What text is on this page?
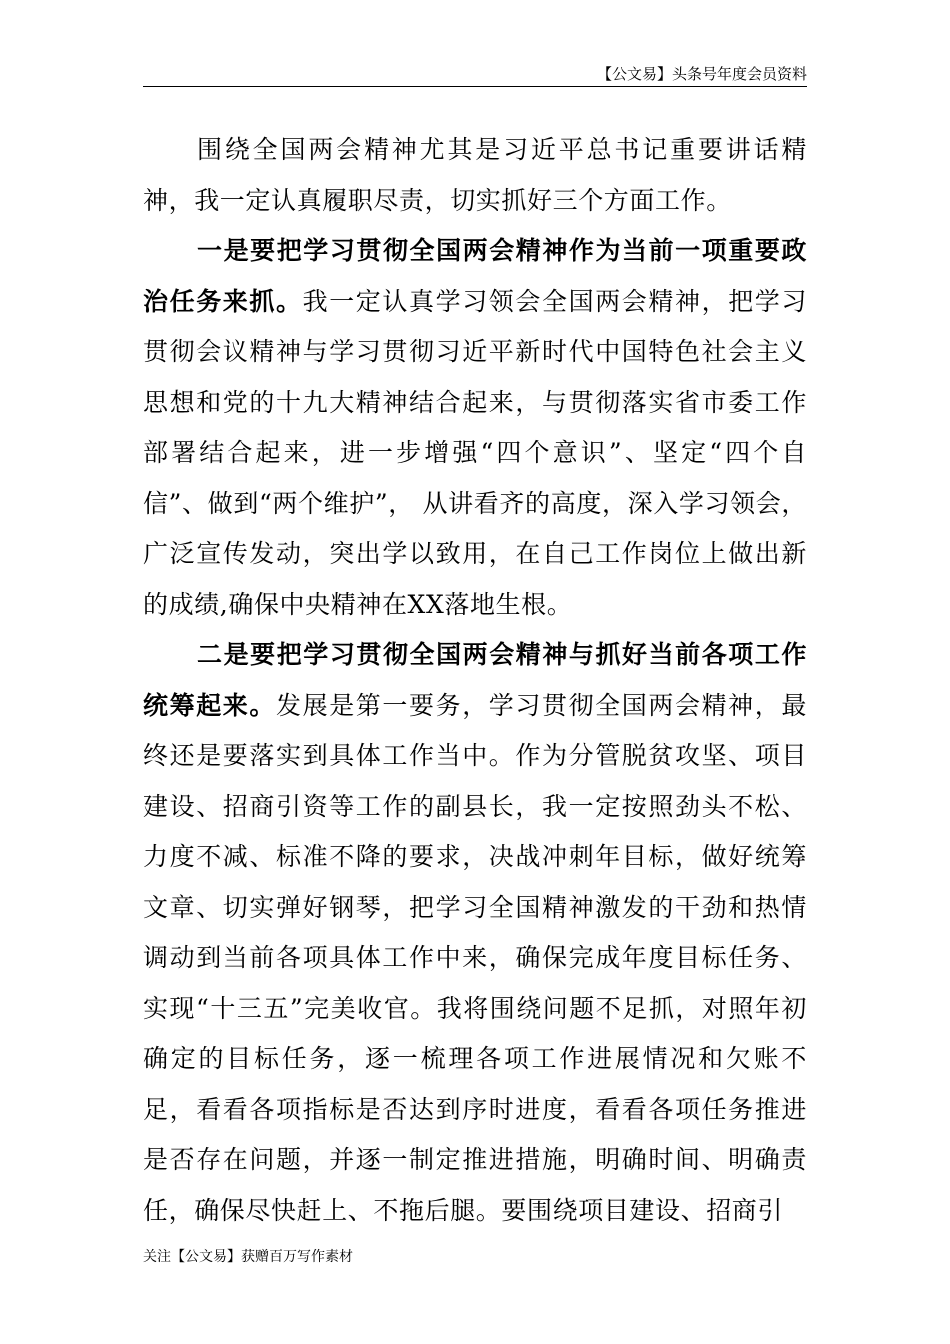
【公文易】头条号年度会员资料

围绕全国两会精神尤其是习近平总书记重要讲话精神，我一定认真履职尽责，切实抓好三个方面工作。

一是要把学习贯彻全国两会精神作为当前一项重要政治任务来抓。我一定认真学习领会全国两会精神，把学习贯彻会议精神与学习贯彻习近平新时代中国特色社会主义思想和党的十九大精神结合起来，与贯彻落实省市委工作部署结合起来，进一步增强“四个意识”、坚定“四个自信”、做到“两个维护”， 从讲看齐的高度，深入学习领会，广泛宣传发动，突出学以致用，在自己工作岗位上做出新的成绩,确保中央精神在XX落地生根。

二是要把学习贯彻全国两会精神与抓好当前各项工作统筹起来。发展是第一要务，学习贯彻全国两会精神，最终还是要落实到具体工作当中。作为分管脱贫攻坚、项目建设、招商引资等工作的副县长，我一定按照劲头不松、力度不减、标准不降的要求，决战冲刺年目标，做好统筹文章、切实弹好钢琴，把学习全国精神激发的干劲和热情调动到当前各项具体工作中来，确保完成年度目标任务、实现“十三五”完美收官。我将围绕问题不足抓，对照年初确定的目标任务，逐一梳理各项工作进展情况和欠账不足，看看各项指标是否达到序时进度，看看各项任务推进是否存在问题，并逐一制定推进措施，明确时间、明确责任，确保尽快赶上、不拖后腿。要围绕项目建设、招商引

关注【公文易】获赠百万写作素材
